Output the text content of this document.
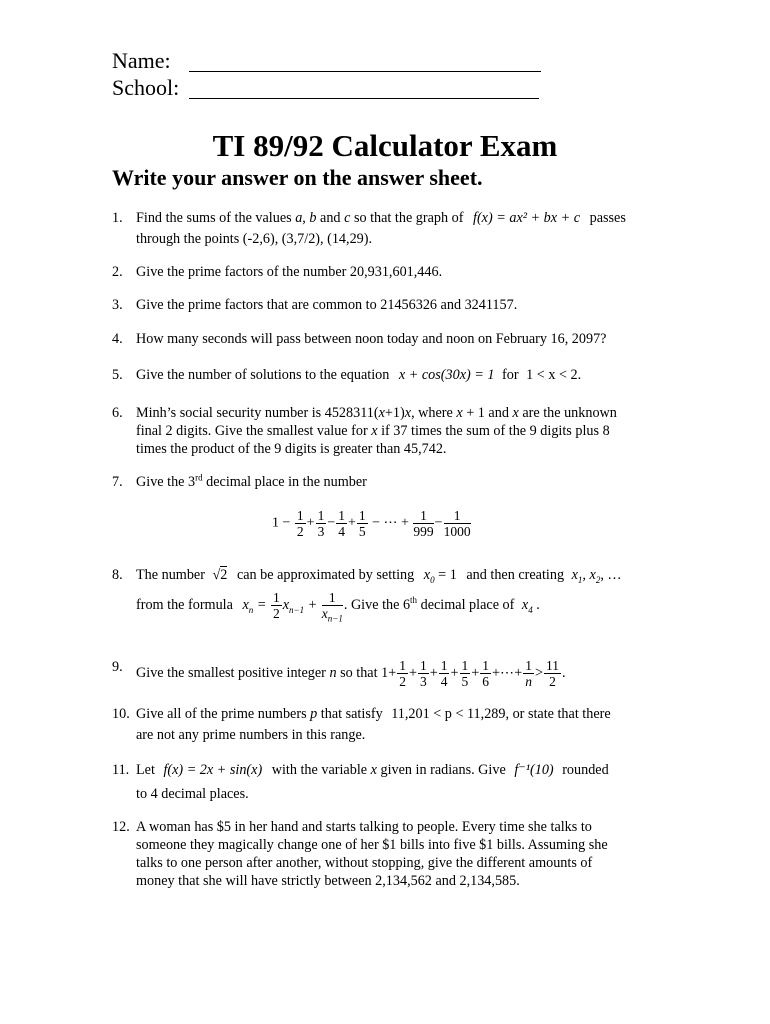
Name:
School:
TI 89/92 Calculator Exam
Write your answer on the answer sheet.
1. Find the sums of the values a, b and c so that the graph of f(x) = ax² + bx + c passes
through the points (-2,6), (3,7/2), (14,29).
2. Give the prime factors of the number 20,931,601,446.
3. Give the prime factors that are common to 21456326 and 3241157.
4. How many seconds will pass between noon today and noon on February 16, 2097?
5. Give the number of solutions to the equation x + cos(30x) = 1 for 1 < x < 2.
6. Minh’s social security number is 4528311(x+1)x, where x + 1 and x are the unknown
final 2 digits. Give the smallest value for x if 37 times the sum of the 9 digits plus 8
times the product of the 9 digits is greater than 45,742.
7. Give the 3rd decimal place in the number
$1 - \frac{1}{2} + \frac{1}{3} - \frac{1}{4} + \frac{1}{5}$ − ⋯ + $\frac{1}{999} - \frac{1}{1000}$
8. The number √2 can be approximated by setting $x_0 = 1$ and then creating $x_1$, $x_2$, …
from the formula $x_n = \frac{1}{2} x_{n-1} + \frac{1}{x_{n-1}}$ . Give the 6th decimal place of $x_4$ .
9. Give the smallest positive integer n so that $1+ \frac{1}{2} + \frac{1}{3} + \frac{1}{4} + \frac{1}{5} + \frac{1}{6}$ +⋯+ $\frac{1}{n} > \frac{11}{2}$ .
10. Give all of the prime numbers p that satisfy 11,201 < p < 11,289, or state that there
are not any prime numbers in this range.
11. Let f(x) = 2x + sin(x) with the variable x given in radians. Give f⁻¹(10) rounded
to 4 decimal places.
12. A woman has $5 in her hand and starts talking to people. Every time she talks to
someone they magically change one of her $1 bills into five $1 bills. Assuming she
talks to one person after another, without stopping, give the different amounts of
money that she will have strictly between 2,134,562 and 2,134,585.
